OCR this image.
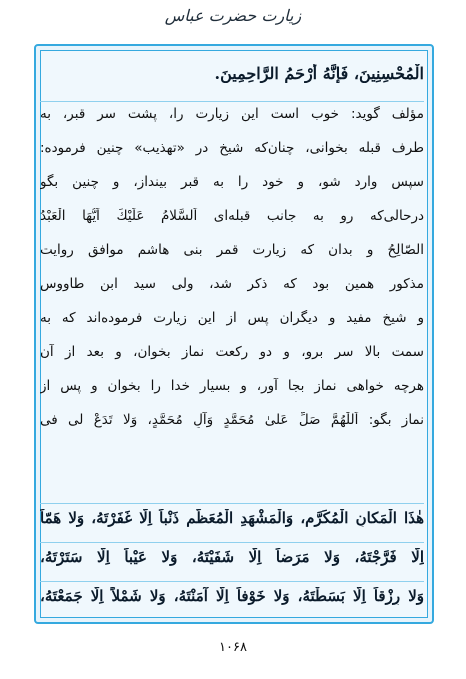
زیارت حضرت عباس
الْمُحْسِنِينَ، فَإِنَّهُ أَرْحَمُ الرَّاحِمِينَ.
مؤلف گويد: خوب است اين زيارت را، پشت سر قبر، به
طرف قبله بخوانی، چنان‌كه شيخ در «تهذيب» چنين فرموده:
سپس وارد شو، و خود را به قبر بينداز، و چنين بگو
درحالی‌که رو به جانب قبله‌ای اَلسَّلامُ عَلَيْكَ اَيُّهَا الْعَبْدُ
الصّالِحُ و بدان كه زيارت قمر بنی هاشم موافق روايت
مذكور همين بود كه ذكر شد، ولی سيد ابن طاووس
و شيخ مفيد و ديگران پس از اين زيارت فرموده‌اند كه به
سمت بالا سر برو، و دو ركعت نماز بخوان، و بعد از آن
هرچه خواهی نماز بجا آور، و بسيار خدا را بخوان و پس از
نماز بگو: اَللّٰهُمَّ صَلِّ عَلىٰ مُحَمَّدٍ وَآلِ مُحَمَّدٍ، وَلا تَدَعْ لی فی
هٰذَا الْمَكانِ الْمُكَرَّمِ، وَالْمَشْهَدِ الْمُعَظَّمِ ذَنْباً اِلّا غَفَرْتَهُ، وَلا هَمّاً
اِلّا فَرَّجْتَهُ، وَلا مَرَضاً اِلّا شَفَيْتَهُ، وَلا عَيْباً اِلّا سَتَرْتَهُ،
وَلا رِزْقاً اِلّا بَسَطْتَهُ، وَلا خَوْفاً اِلّا آمَنْتَهُ، وَلا شَمْلاً اِلّا جَمَعْتَهُ،
۱۰۶۸
